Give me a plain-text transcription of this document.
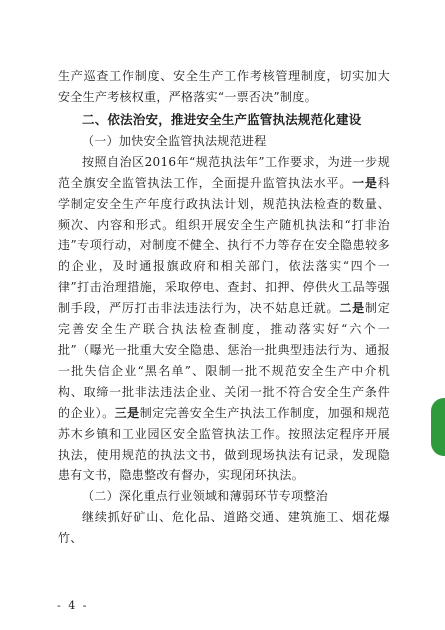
生产巡查工作制度、安全生产工作考核管理制度，切实加大安全生产考核权重，严格落实“一票否决”制度。

二、依法治安，推进安全生产监管执法规范化建设

（一）加快安全监管执法规范进程

按照自治区2016年“规范执法年”工作要求，为进一步规范全旗安全监管执法工作，全面提升监管执法水平。一是科学制定安全生产年度行政执法计划，规范执法检查的数量、频次、内容和形式。组织开展安全生产随机执法和“打非治违”专项行动，对制度不健全、执行不力等存在安全隐患较多的企业，及时通报旗政府和相关部门，依法落实“四个一律”打击治理措施，采取停电、查封、扣押、停供火工品等强制手段，严厉打击非法违法行为，决不姑息迁就。二是制定完善安全生产联合执法检查制度，推动落实好“六个一批”（曝光一批重大安全隐患、惩治一批典型违法行为、通报一批失信企业“黑名单”、限制一批不规范安全生产中介机构、取缔一批非法违法企业、关闭一批不符合安全生产条件的企业）。三是制定完善安全生产执法工作制度，加强和规范苏木乡镇和工业园区安全监管执法工作。按照法定程序开展执法，使用规范的执法文书，做到现场执法有记录，发现隐患有文书，隐患整改有督办，实现闭环执法。

（二）深化重点行业领域和薄弱环节专项整治

继续抓好矿山、危化品、道路交通、建筑施工、烟花爆竹、

- 4 -
